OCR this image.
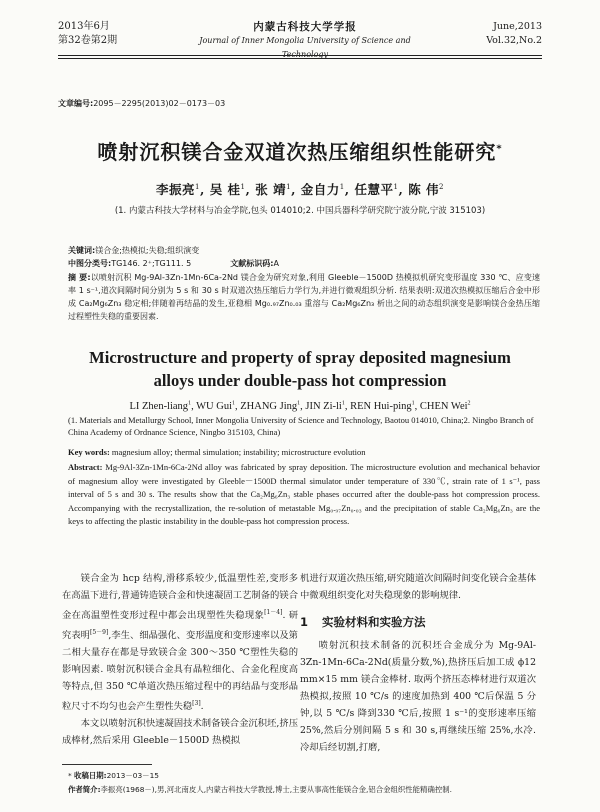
2013年6月
第32卷第2期
内蒙古科技大学学报
Journal of Inner Mongolia University of Science and Technology
June,2013
Vol.32,No.2
文章编号:2095－2295(2013)02－0173－03
喷射沉积镁合金双道次热压缩组织性能研究*
李振亮$^1$, 吴 桂$^1$, 张 靖$^1$, 金自力$^1$, 任慧平$^1$, 陈 伟$^2$
(1. 内蒙古科技大学材料与冶金学院,包头 014010;2. 中国兵器科学研究院宁波分院,宁波 315103)
关键词:镁合金;热模拟;失稳;组织演变
中图分类号:TG146. 2⁺;TG111. 5	文献标识码:A
摘 要:以喷射沉积 Mg-9Al-3Zn-1Mn-6Ca-2Nd 镁合金为研究对象,利用 Gleeble－1500D 热模拟机研究变形温度 330 ℃、应变速率 1 s⁻¹,道次间隔时间分别为 5 s 和 30 s 时双道次热压缩后力学行为,并进行微观组织分析. 结果表明:双道次热模拟压缩后合金中形成 Ca₂Mg₆Zn₃ 稳定相;伴随着再结晶的发生,亚稳相 Mg₀.₉₇Zn₀.₀₃ 重溶与 Ca₂Mg₆Zn₃ 析出之间的动态组织演变是影响镁合金热压缩过程塑性失稳的重要因素.
Microstructure and property of spray deposited magnesium
alloys under double-pass hot compression
LI Zhen-liang$^1$, WU Gui$^1$, ZHANG Jing$^1$, JIN $Zi-li^1$, REN Hui-ping$^1$, CHEN Wei$^2$
(1. Materials and Metallurgy School, Inner Mongolia University of Science and Technology, Baotou 014010, China;2. Ningbo Branch of China Academy of Ordnance Science, Ningbo 315103, China)
Key words: magnesium alloy; thermal simulation; instability; microstructure evolution
Abstract: Mg-9Al-3Zn-1Mn-6Ca-2Nd alloy was fabricated by spray deposition. The microstructure evolution and mechanical behavior of magnesium alloy were investigated by Gleeble－1500D thermal simulator under temperature of 330℃, strain rate of 1 s⁻¹, pass interval of 5 s and 30 s. The results show that the Ca₂Mg₆Zn₃ stable phases occurred after the double-pass hot compression process. Accompanying with the recrystallization, the re-solution of metastable Mg₀.₉₇Zn₀.₀₃ and the precipitation of stable Ca₂Mg₆Zn₃ are the keys to affecting the plastic instability in the double-pass hot compression process.

镁合金为 hcp 结构,滑移系较少,低温塑性差,变形多在高温下进行,普通铸造镁合金和快速凝固工艺制备的镁合金在高温塑性变形过程中都会出现塑性失稳现象[1－4]. 研究表明[5－9],李生、细晶强化、变形温度和变形速率以及第二相大量存在都是导致镁合金 300～350 ℃塑性失稳的影响因素. 喷射沉积镁合金具有晶粒细化、合金化程度高等特点,但 350 ℃单道次热压缩过程中的再结晶与变形晶粒尺寸不均匀也会产生塑性失稳[3].

本文以喷射沉积快速凝固技术制备镁合金沉积坯,挤压成棒材,然后采用 Gleeble－1500D 热模拟

机进行双道次热压缩,研究随道次间隔时间变化镁合金基体中微观组织变化对失稳现象的影响规律.
1 实验材料和实验方法

喷射沉积技术制备的沉积坯合金成分为 Mg-9Al-3Zn-1Mn-6Ca-2Nd(质量分数,%),热挤压后加工成 ϕ12 mm×15 mm 镁合金棒材. 取两个挤压态棒材进行双道次热模拟,按照 10 ℃/s 的速度加热到 400 ℃后保温 5 分钟,以 5 ℃/s 降到330 ℃后,按照 1 s⁻¹的变形速率压缩 25%,然后分别间隔 5 s 和 30 s,再继续压缩 25%,水冷. 冷却后经切割,打磨,

* 收稿日期:2013－03－15
作者简介:李振亮(1968－),男,河北南皮人,内蒙古科技大学教授,博士,主要从事高性能镁合金,铝合金组织性能精确控制.
